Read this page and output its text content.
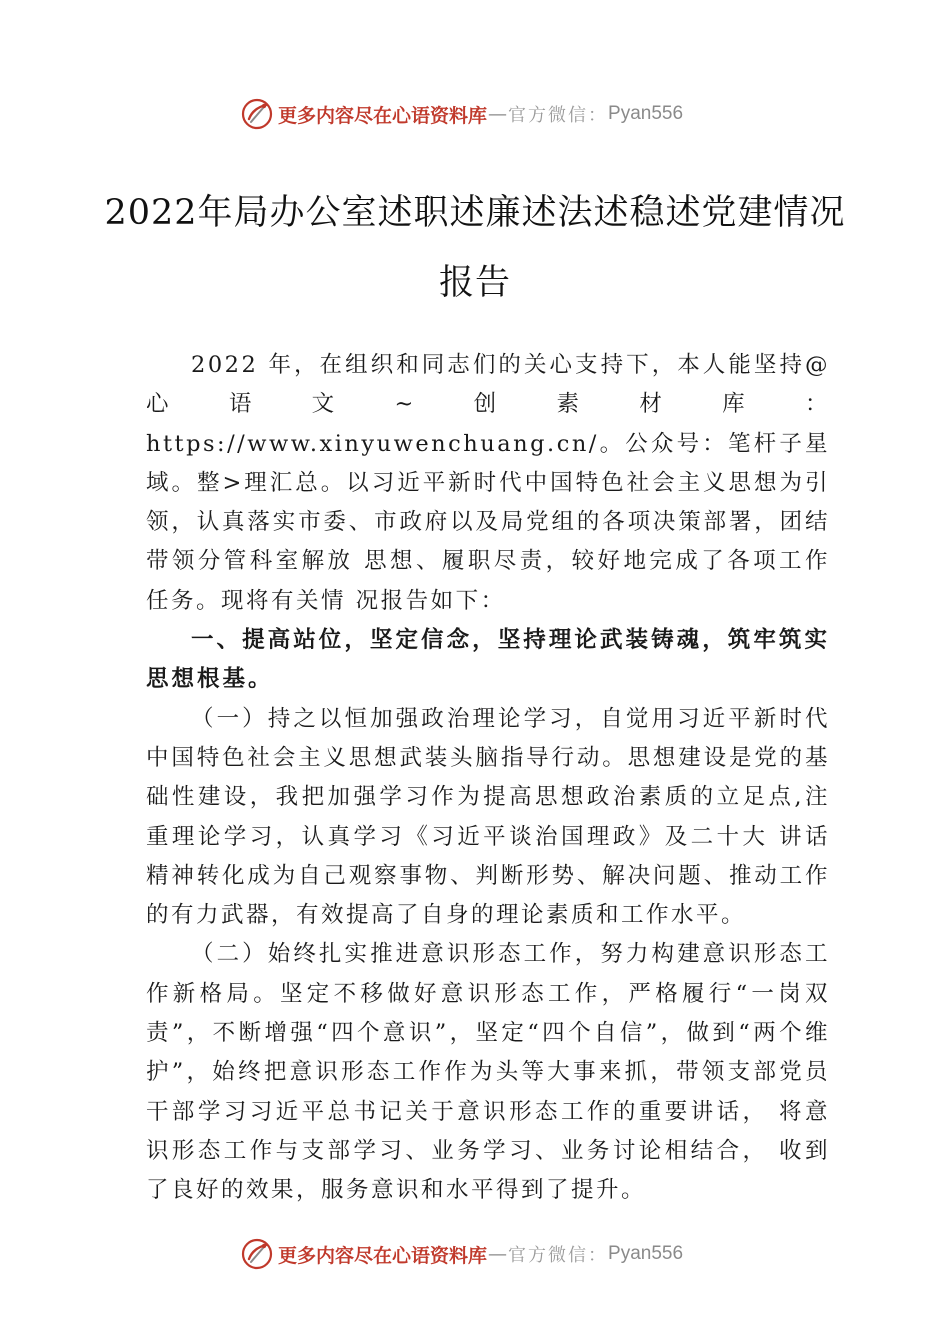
更多内容尽在心语资料库 — 官方微信： Pyan556
2022年局办公室述职述廉述法述稳述党建情况报告

2022 年，在组织和同志们的关心支持下，本人能坚持@心语文~创素材库：https://www.xinyuwenchuang.cn/。公众号：笔杆子星域。整>理汇总。以习近平新时代中国特色社会主义思想为引领，认真落实市委、市政府以及局党组的各项决策部署，团结带领分管科室解放 思想、履职尽责，较好地完成了各项工作任务。现将有关情 况报告如下：

一、提高站位，坚定信念，坚持理论武装铸魂，筑牢筑实思想根基。

（一）持之以恒加强政治理论学习，自觉用习近平新时代中国特色社会主义思想武装头脑指导行动。思想建设是党的基础性建设，我把加强学习作为提高思想政治素质的立足点,注重理论学习，认真学习《习近平谈治国理政》及二十大 讲话精神转化成为自己观察事物、判断形势、解决问题、推动工作的有力武器，有效提高了自身的理论素质和工作水平。

（二）始终扎实推进意识形态工作，努力构建意识形态工作新格局。坚定不移做好意识形态工作，严格履行“一岗双责”，不断增强“四个意识”，坚定“四个自信”，做到“两个维护”，始终把意识形态工作作为头等大事来抓，带领支部党员干部学习习近平总书记关于意识形态工作的重要讲话， 将意识形态工作与支部学习、业务学习、业务讨论相结合， 收到了良好的效果，服务意识和水平得到了提升。

更多内容尽在心语资料库 — 官方微信： Pyan556
